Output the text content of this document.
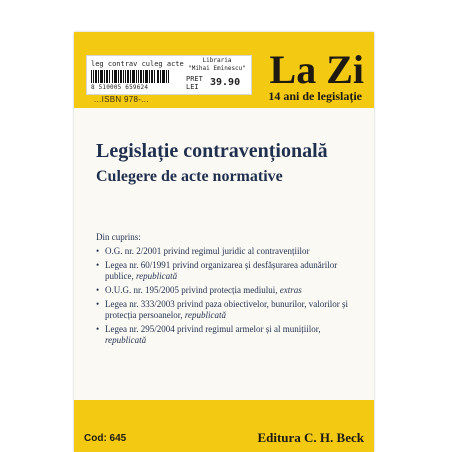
leg contrav culeg acte	Libraria
"Mihai Eminescu"
8 510005 659624
PRET
LEI	39.90
...ISBN 978-...
La Zi
14 ani de legislație
Legislație contravențională
Culegere de acte normative
Din cuprins:
• O.G. nr. 2/2001 privind regimul juridic al contravențiilor
• Legea nr. 60/1991 privind organizarea și desfășurarea adunărilor publice, republicată
• O.U.G. nr. 195/2005 privind protecția mediului, extras
• Legea nr. 333/2003 privind paza obiectivelor, bunurilor, valorilor și protecția persoanelor, republicată
• Legea nr. 295/2004 privind regimul armelor și al munițiilor, republicată
Cod: 645	Editura C. H. Beck
